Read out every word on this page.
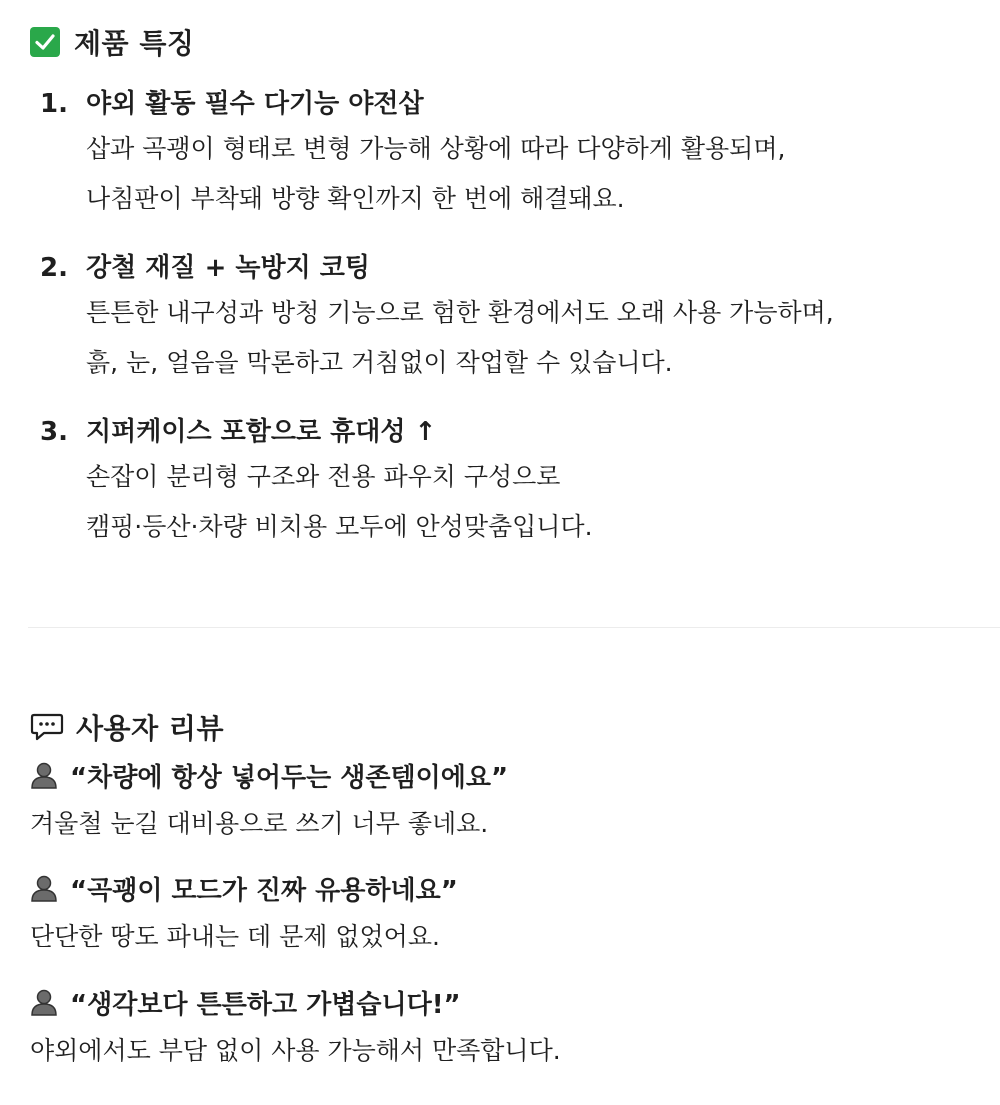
제품 특징
1. 야외 활동 필수 다기능 야전삽
삽과 곡괭이 형태로 변형 가능해 상황에 따라 다양하게 활용되며,
나침판이 부착돼 방향 확인까지 한 번에 해결돼요.
2. 강철 재질 + 녹방지 코팅
튼튼한 내구성과 방청 기능으로 험한 환경에서도 오래 사용 가능하며,
흙, 눈, 얼음을 막론하고 거침없이 작업할 수 있습니다.
3. 지퍼케이스 포함으로 휴대성 ↑
손잡이 분리형 구조와 전용 파우치 구성으로
캠핑·등산·차량 비치용 모두에 안성맞춤입니다.
사용자 리뷰
“차량에 항상 넣어두는 생존템이에요”
겨울철 눈길 대비용으로 쓰기 너무 좋네요.
“곡괭이 모드가 진짜 유용하네요”
단단한 땅도 파내는 데 문제 없었어요.
“생각보다 튼튼하고 가볍습니다!”
야외에서도 부담 없이 사용 가능해서 만족합니다.
